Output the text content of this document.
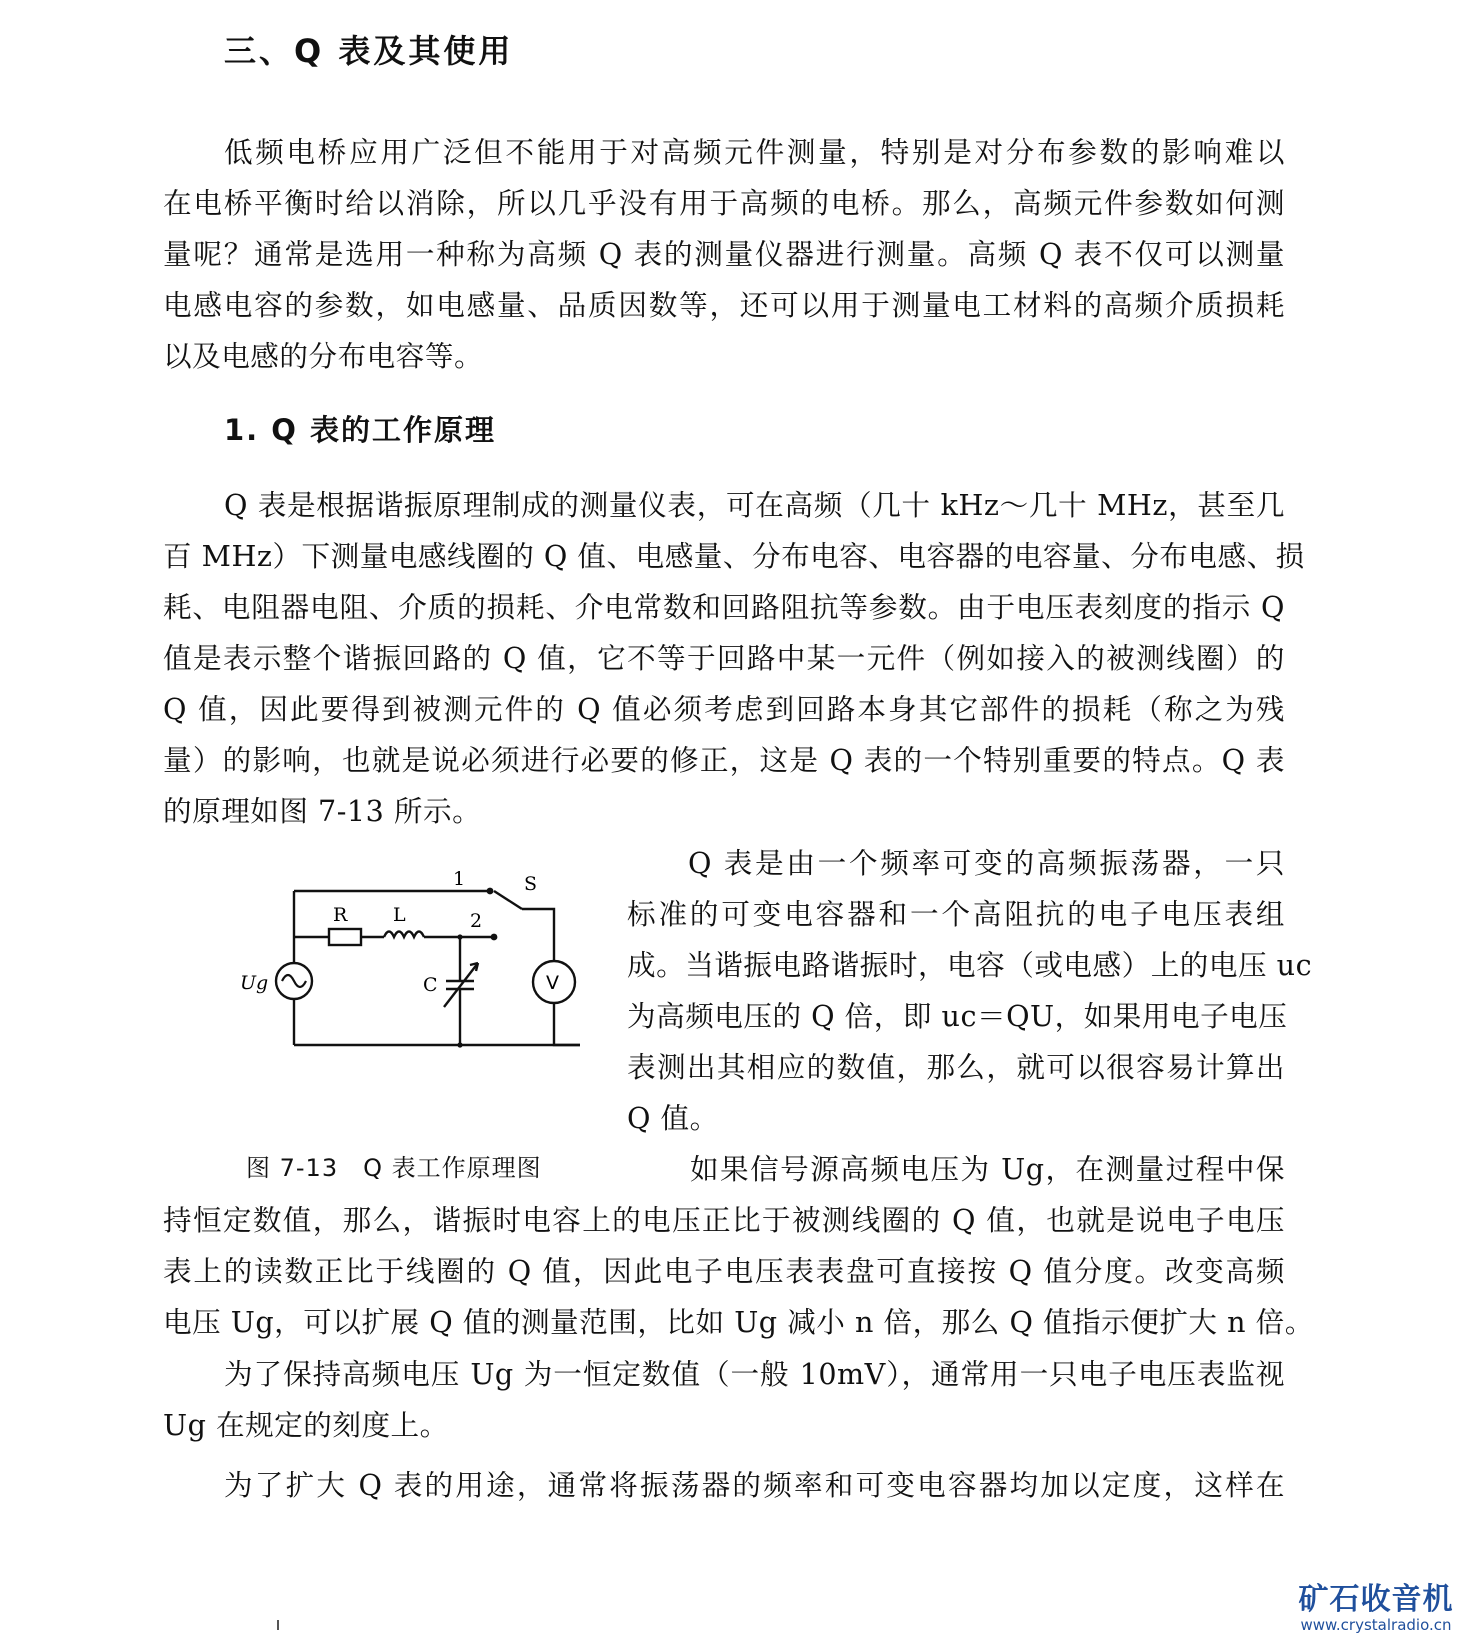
三、Q 表及其使用

低频电桥应用广泛但不能用于对高频元件测量，特别是对分布参数的影响难以
在电桥平衡时给以消除，所以几乎没有用于高频的电桥。那么，高频元件参数如何测
量呢？通常是选用一种称为高频 Q 表的测量仪器进行测量。高频 Q 表不仅可以测量
电感电容的参数，如电感量、品质因数等，还可以用于测量电工材料的高频介质损耗
以及电感的分布电容等。

1. Q 表的工作原理

Q 表是根据谐振原理制成的测量仪表，可在高频（几十 kHz～几十 MHz，甚至几
百 MHz）下测量电感线圈的 Q 值、电感量、分布电容、电容器的电容量、分布电感、损
耗、电阻器电阻、介质的损耗、介电常数和回路阻抗等参数。由于电压表刻度的指示 Q
值是表示整个谐振回路的 Q 值，它不等于回路中某一元件（例如接入的被测线圈）的
Q 值，因此要得到被测元件的 Q 值必须考虑到回路本身其它部件的损耗（称之为残
量）的影响，也就是说必须进行必要的修正，这是 Q 表的一个特别重要的特点。Q 表
的原理如图 7-13 所示。

1
2
S
R L
C	V
Ug

Q 表是由一个频率可变的高频振荡器，一只
标准的可变电容器和一个高阻抗的电子电压表组
成。当谐振电路谐振时，电容（或电感）上的电压 uc
为高频电压的 Q 倍，即 uc＝QU，如果用电子电压
表测出其相应的数值，那么，就可以很容易计算出
Q 值。

图 7-13　Q 表工作原理图	如果信号源高频电压为 Ug，在测量过程中保
持恒定数值，那么，谐振时电容上的电压正比于被测线圈的 Q 值，也就是说电子电压
表上的读数正比于线圈的 Q 值，因此电子电压表表盘可直接按 Q 值分度。改变高频
电压 Ug，可以扩展 Q 值的测量范围，比如 Ug 减小 n 倍，那么 Q 值指示便扩大 n 倍。

为了保持高频电压 Ug 为一恒定数值（一般 10mV），通常用一只电子电压表监视
Ug 在规定的刻度上。

为了扩大 Q 表的用途，通常将振荡器的频率和可变电容器均加以定度，这样在

矿石收音机
www.crystalradio.cn
